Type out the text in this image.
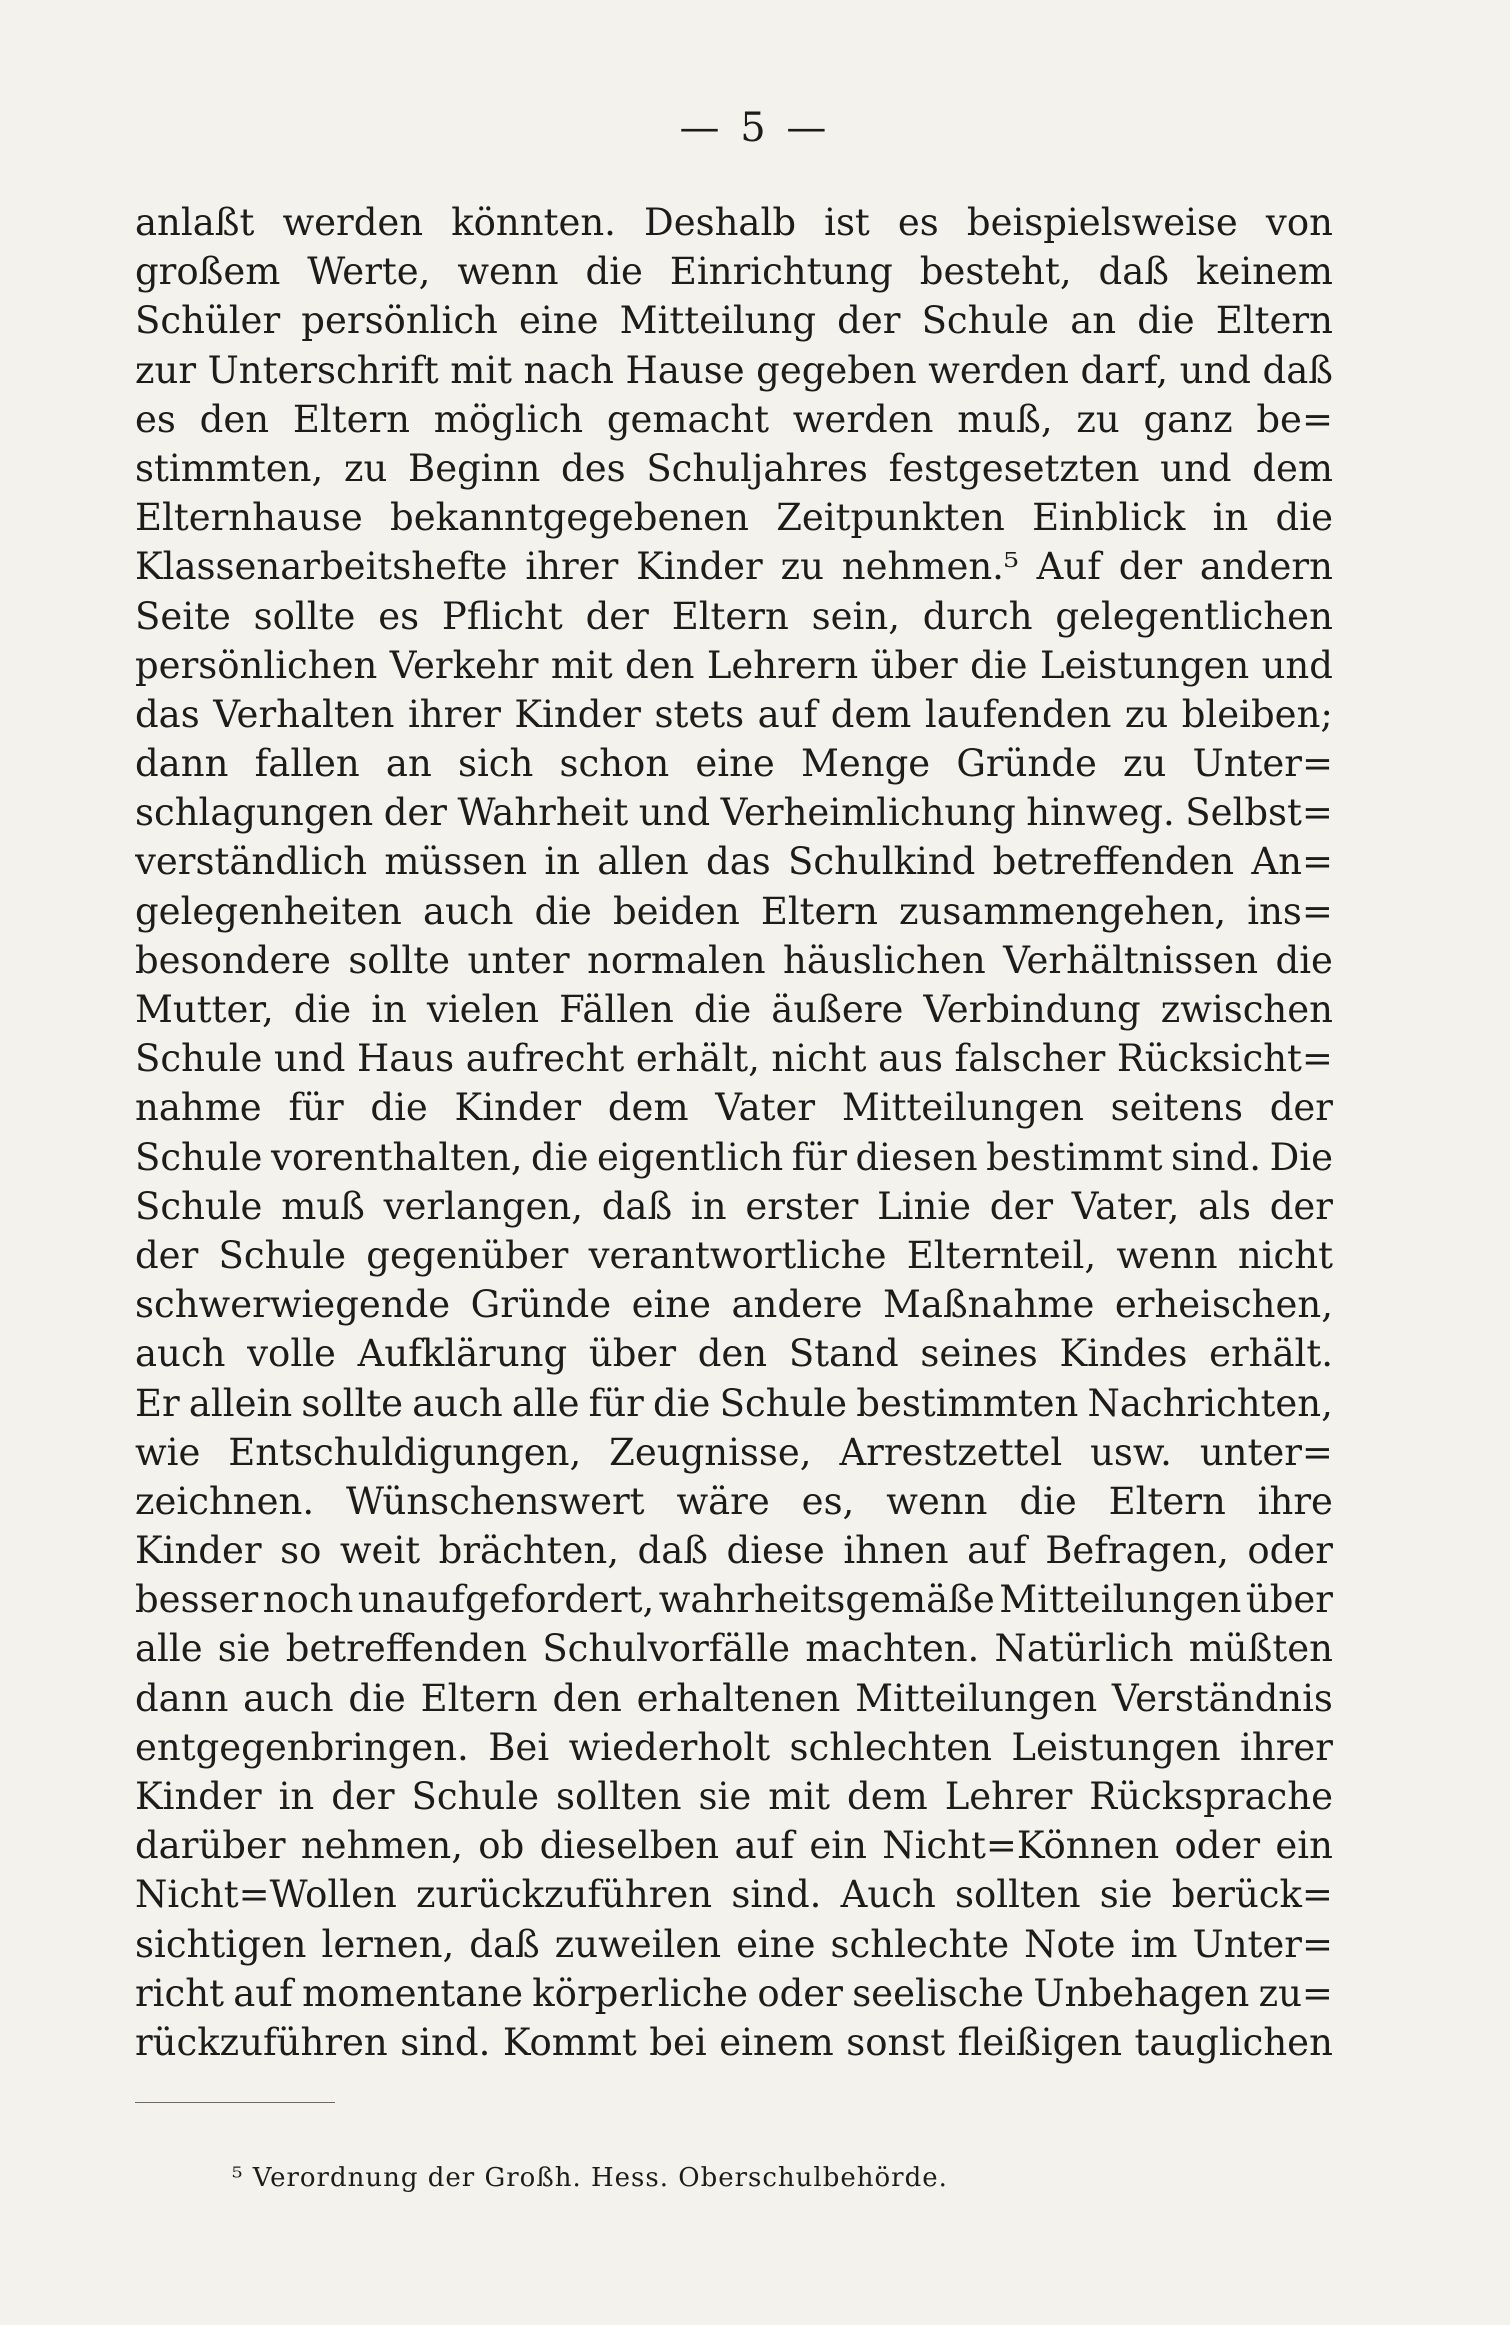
— 5 —
anlaßt werden könnten. Deshalb ist es beispielsweise von
großem Werte, wenn die Einrichtung besteht, daß keinem
Schüler persönlich eine Mitteilung der Schule an die Eltern
zur Unterschrift mit nach Hause gegeben werden darf, und daß
es den Eltern möglich gemacht werden muß, zu ganz be=
stimmten, zu Beginn des Schuljahres festgesetzten und dem
Elternhause bekanntgegebenen Zeitpunkten Einblick in die
Klassenarbeitshefte ihrer Kinder zu nehmen.⁵ Auf der andern
Seite sollte es Pflicht der Eltern sein, durch gelegentlichen
persönlichen Verkehr mit den Lehrern über die Leistungen und
das Verhalten ihrer Kinder stets auf dem laufenden zu bleiben;
dann fallen an sich schon eine Menge Gründe zu Unter=
schlagungen der Wahrheit und Verheimlichung hinweg. Selbst=
verständlich müssen in allen das Schulkind betreffenden An=
gelegenheiten auch die beiden Eltern zusammengehen, ins=
besondere sollte unter normalen häuslichen Verhältnissen die
Mutter, die in vielen Fällen die äußere Verbindung zwischen
Schule und Haus aufrecht erhält, nicht aus falscher Rücksicht=
nahme für die Kinder dem Vater Mitteilungen seitens der
Schule vorenthalten, die eigentlich für diesen bestimmt sind. Die
Schule muß verlangen, daß in erster Linie der Vater, als der
der Schule gegenüber verantwortliche Elternteil, wenn nicht
schwerwiegende Gründe eine andere Maßnahme erheischen,
auch volle Aufklärung über den Stand seines Kindes erhält.
Er allein sollte auch alle für die Schule bestimmten Nachrichten,
wie Entschuldigungen, Zeugnisse, Arrestzettel usw. unter=
zeichnen. Wünschenswert wäre es, wenn die Eltern ihre
Kinder so weit brächten, daß diese ihnen auf Befragen, oder
besser noch unaufgefordert, wahrheitsgemäße Mitteilungen über
alle sie betreffenden Schulvorfälle machten. Natürlich müßten
dann auch die Eltern den erhaltenen Mitteilungen Verständnis
entgegenbringen. Bei wiederholt schlechten Leistungen ihrer
Kinder in der Schule sollten sie mit dem Lehrer Rücksprache
darüber nehmen, ob dieselben auf ein Nicht=Können oder ein
Nicht=Wollen zurückzuführen sind. Auch sollten sie berück=
sichtigen lernen, daß zuweilen eine schlechte Note im Unter=
richt auf momentane körperliche oder seelische Unbehagen zu=
rückzuführen sind. Kommt bei einem sonst fleißigen tauglichen
⁵ Verordnung der Großh. Hess. Oberschulbehörde.
